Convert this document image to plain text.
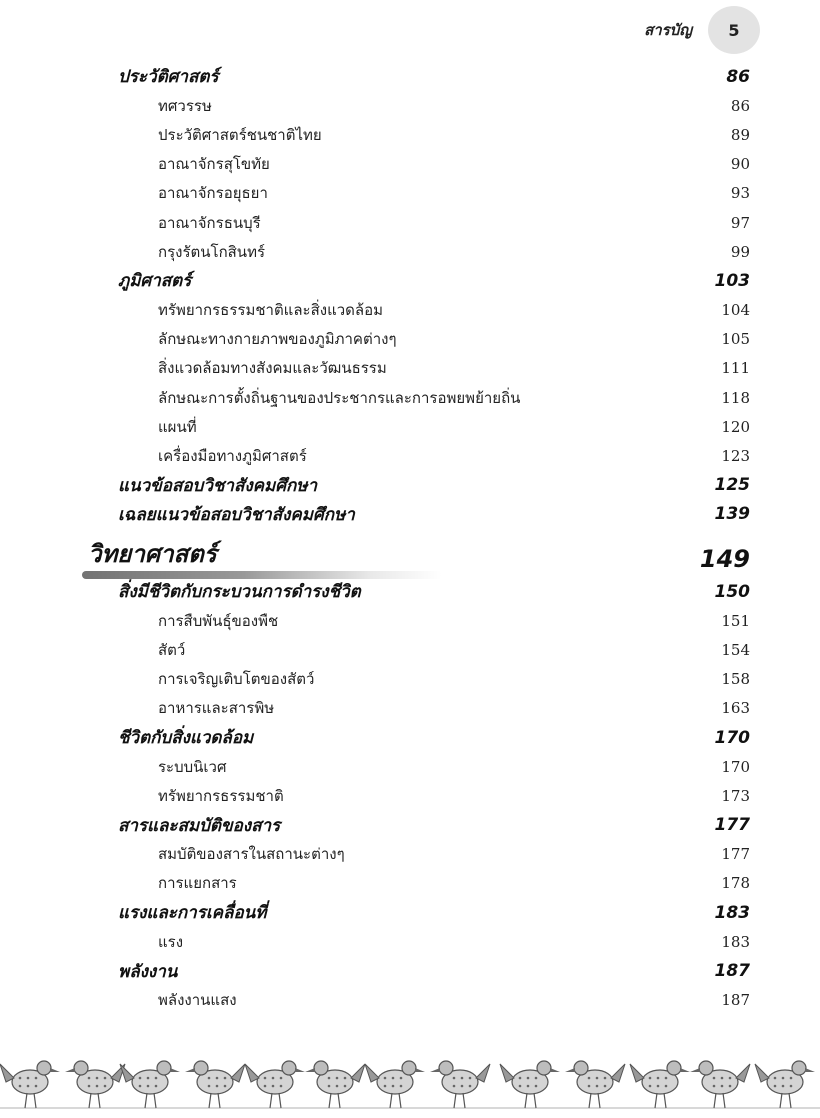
สารบัญ 5
ประวัติศาสตร์	86
ทศวรรษ	86
ประวัติศาสตร์ชนชาติไทย	89
อาณาจักรสุโขทัย	90
อาณาจักรอยุธยา	93
อาณาจักรธนบุรี	97
กรุงรัตนโกสินทร์	99
ภูมิศาสตร์	103
ทรัพยากรธรรมชาติและสิ่งแวดล้อม	104
ลักษณะทางกายภาพของภูมิภาคต่างๆ	105
สิ่งแวดล้อมทางสังคมและวัฒนธรรม	111
ลักษณะการตั้งถิ่นฐานของประชากรและการอพยพย้ายถิ่น	118
แผนที่	120
เครื่องมือทางภูมิศาสตร์	123
แนวข้อสอบวิชาสังคมศึกษา	125
เฉลยแนวข้อสอบวิชาสังคมศึกษา	139
วิทยาศาสตร์	149
สิ่งมีชีวิตกับกระบวนการดำรงชีวิต	150
การสืบพันธุ์ของพืช	151
สัตว์	154
การเจริญเติบโตของสัตว์	158
อาหารและสารพิษ	163
ชีวิตกับสิ่งแวดล้อม	170
ระบบนิเวศ	170
ทรัพยากรธรรมชาติ	173
สารและสมบัติของสาร	177
สมบัติของสารในสถานะต่างๆ	177
การแยกสาร	178
แรงและการเคลื่อนที่	183
แรง	183
พลังงาน	187
พลังงานแสง	187
